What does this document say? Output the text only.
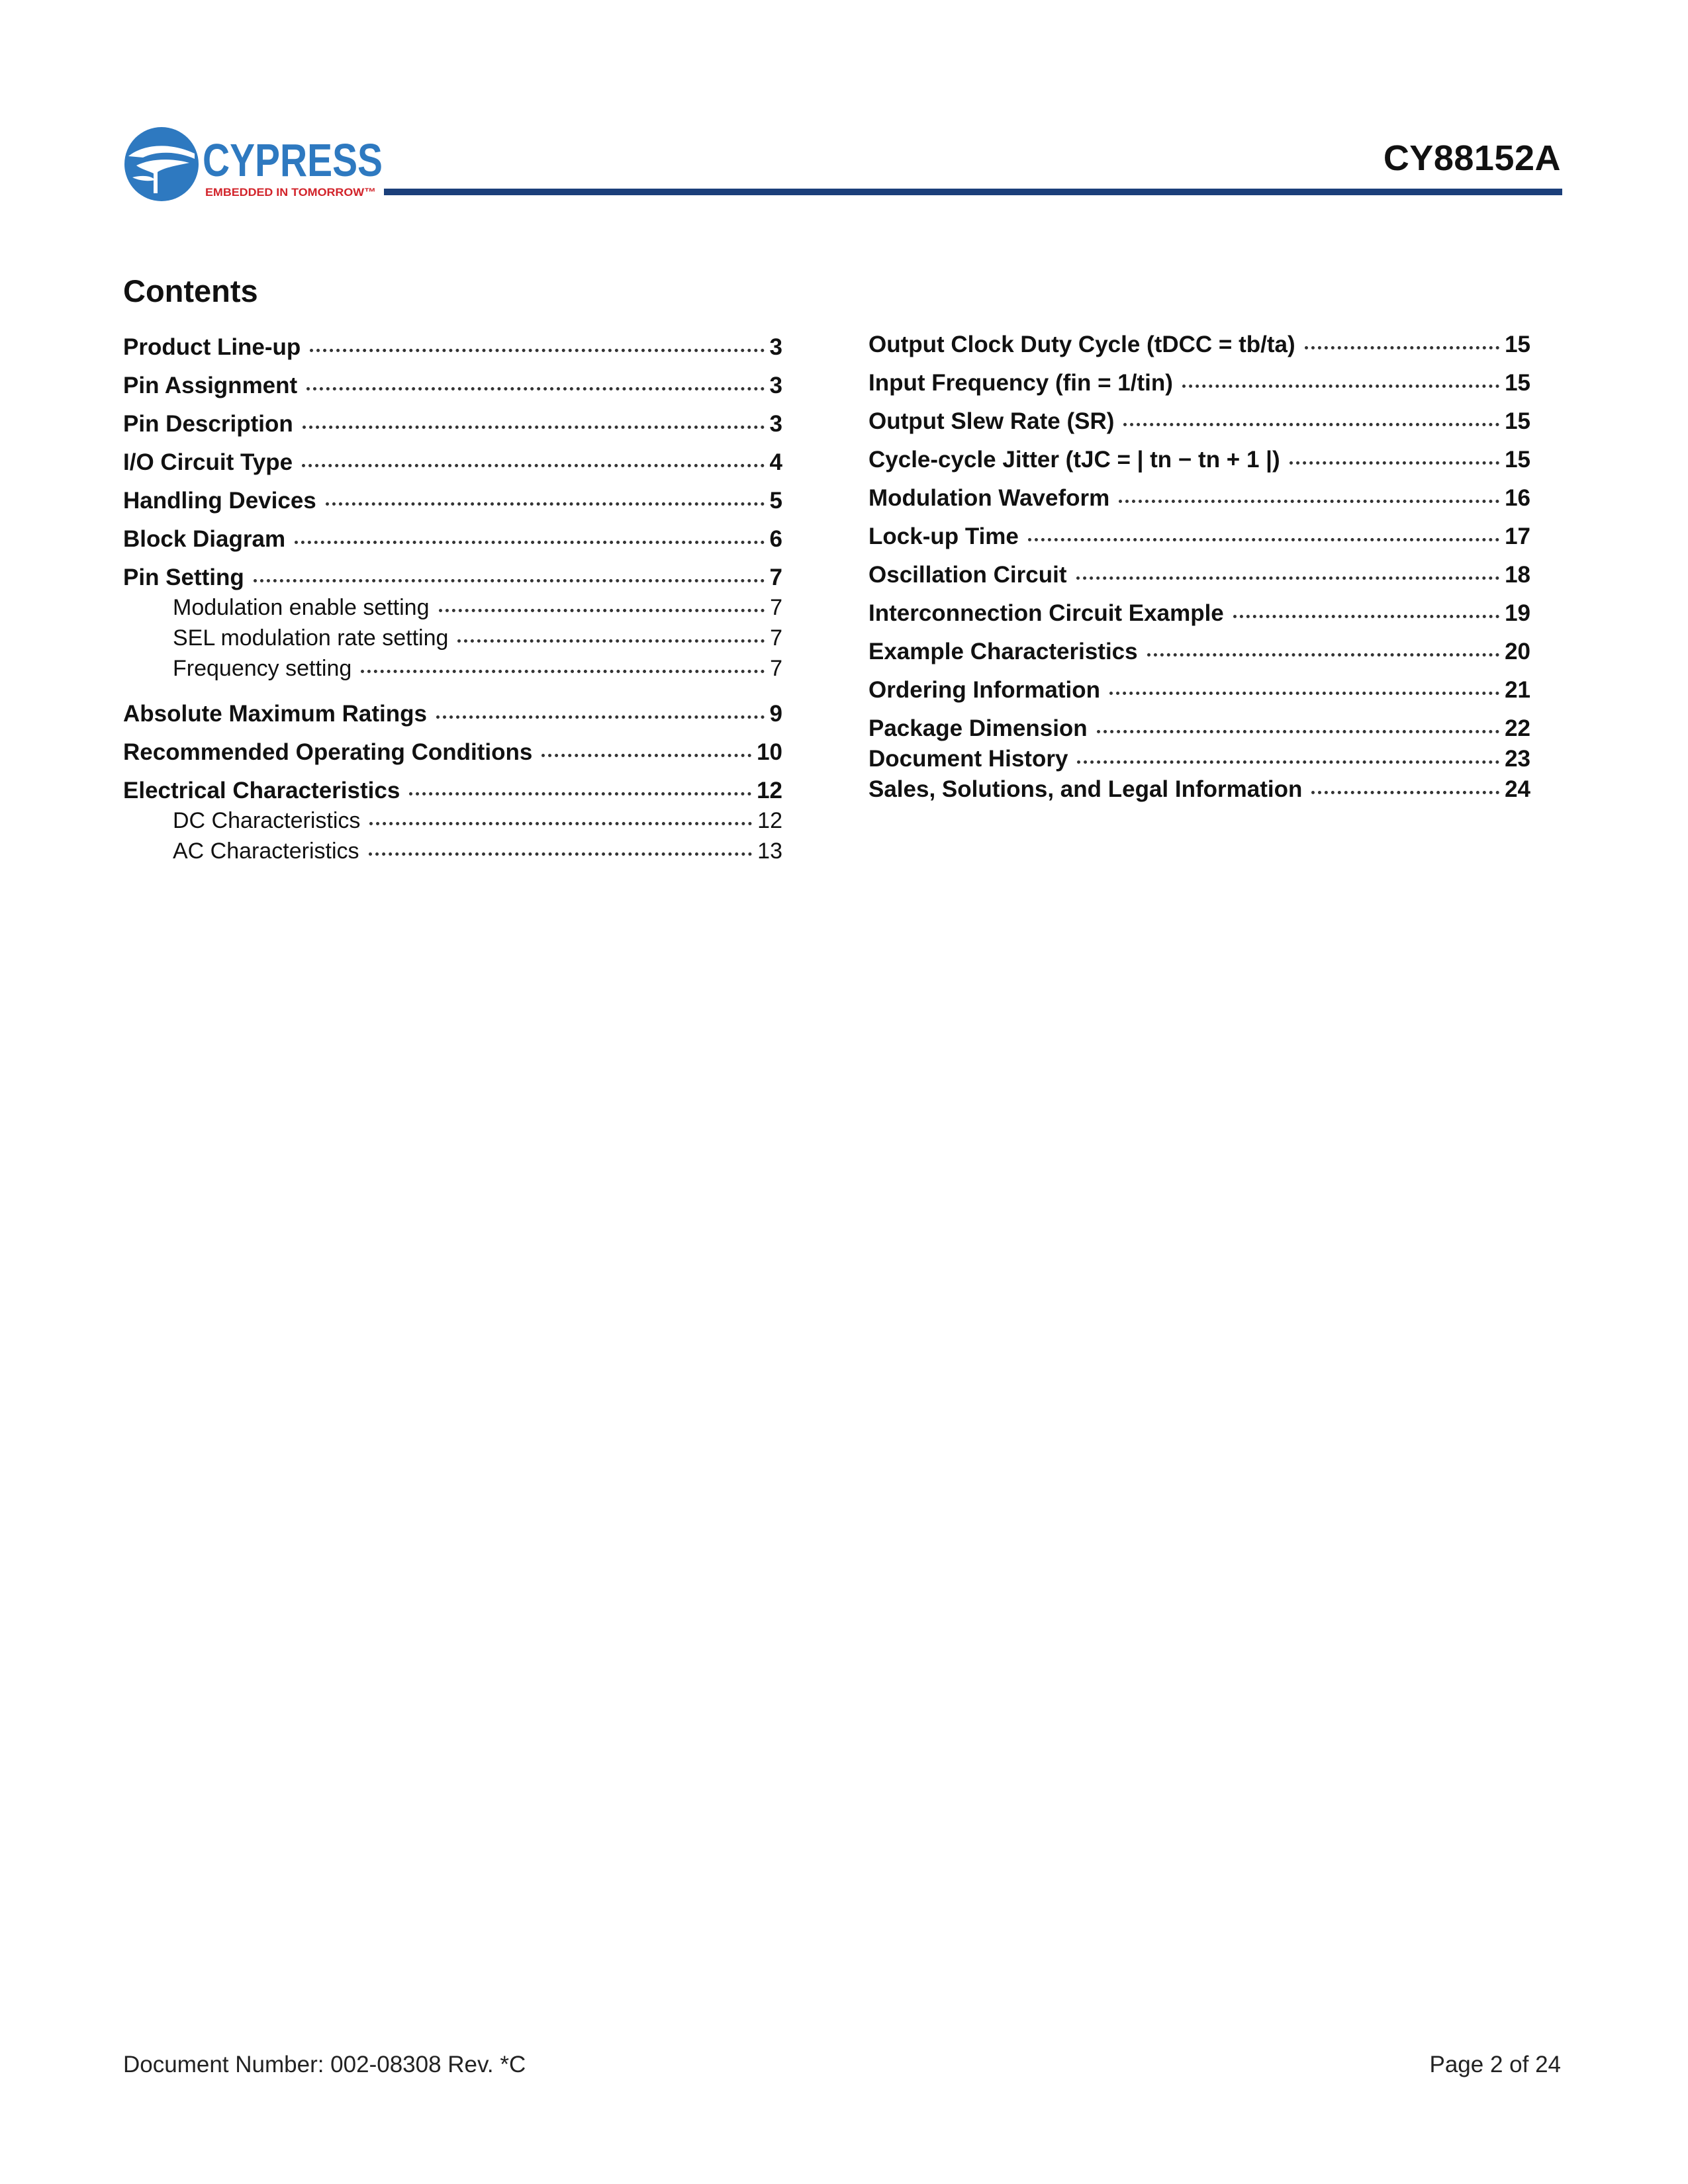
CYPRESS
EMBEDDED IN TOMORROW™
CY88152A
Contents
Product Line-up	3
Pin Assignment	3
Pin Description	3
I/O Circuit Type	4
Handling Devices	5
Block Diagram	6
Pin Setting	7
Modulation enable setting	7
SEL modulation rate setting	7
Frequency setting	7
Absolute Maximum Ratings	9
Recommended Operating Conditions	10
Electrical Characteristics	12
DC Characteristics	12
AC Characteristics	13
Output Clock Duty Cycle (tDCC = tb/ta)	15
Input Frequency (fin = 1/tin)	15
Output Slew Rate (SR)	15
Cycle-cycle Jitter (tJC = | tn − tn + 1 |)	15
Modulation Waveform	16
Lock-up Time	17
Oscillation Circuit	18
Interconnection Circuit Example	19
Example Characteristics	20
Ordering Information	21
Package Dimension	22
Document History	23
Sales, Solutions, and Legal Information	24
Document Number: 002-08308 Rev. *C	Page 2 of 24
